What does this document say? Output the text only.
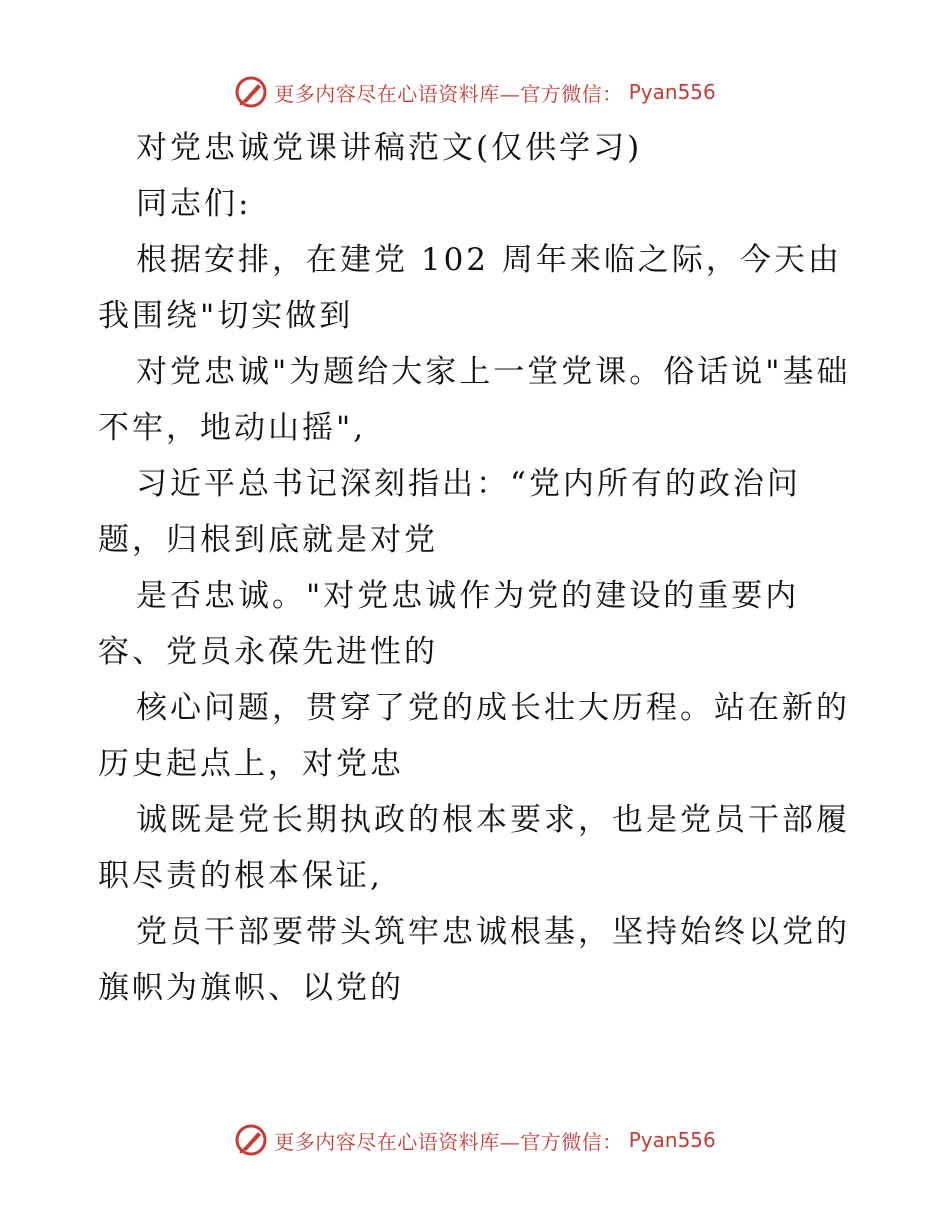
更多内容尽在心语资料库—官方微信： Pyan556
对党忠诚党课讲稿范文(仅供学习)
同志们:
根据安排，在建党 102 周年来临之际，今天由
我围绕"切实做到
对党忠诚"为题给大家上一堂党课。俗话说"基础
不牢，地动山摇",
习近平总书记深刻指出：“党内所有的政治问
题，归根到底就是对党
是否忠诚。"对党忠诚作为党的建设的重要内
容、党员永葆先进性的
核心问题，贯穿了党的成长壮大历程。站在新的
历史起点上，对党忠
诚既是党长期执政的根本要求，也是党员干部履
职尽责的根本保证,
党员干部要带头筑牢忠诚根基，坚持始终以党的
旗帜为旗帜、以党的
更多内容尽在心语资料库—官方微信： Pyan556
